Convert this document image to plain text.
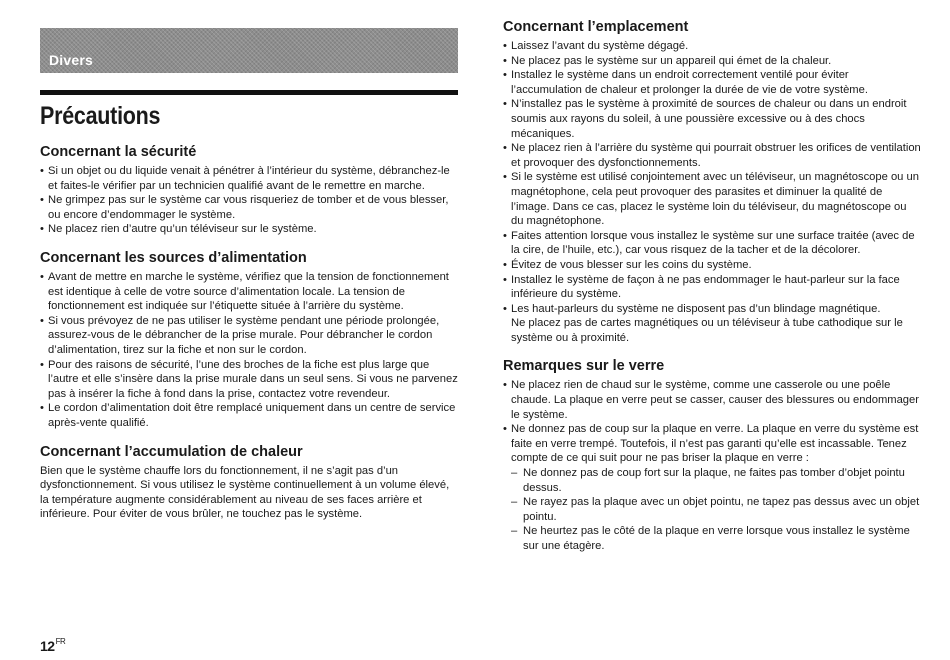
Divers
Précautions
Concernant la sécurité
• Si un objet ou du liquide venait à pénétrer à l’intérieur du système, débranchez-le et faites-le vérifier par un technicien qualifié avant de le remettre en marche.
• Ne grimpez pas sur le système car vous risqueriez de tomber et de vous blesser, ou encore d’endommager le système.
• Ne placez rien d’autre qu’un téléviseur sur le système.
Concernant les sources d’alimentation
• Avant de mettre en marche le système, vérifiez que la tension de fonctionnement est identique à celle de votre source d’alimentation locale. La tension de fonctionnement est indiquée sur l’étiquette située à l’arrière du système.
• Si vous prévoyez de ne pas utiliser le système pendant une période prolongée, assurez-vous de le débrancher de la prise murale. Pour débrancher le cordon d’alimentation, tirez sur la fiche et non sur le cordon.
• Pour des raisons de sécurité, l’une des broches de la fiche est plus large que l’autre et elle s’insère dans la prise murale dans un seul sens. Si vous ne parvenez pas à insérer la fiche à fond dans la prise, contactez votre revendeur.
• Le cordon d’alimentation doit être remplacé uniquement dans un centre de service après-vente qualifié.
Concernant l’accumulation de chaleur

Bien que le système chauffe lors du fonctionnement, il ne s’agit pas d’un dysfonctionnement. Si vous utilisez le système continuellement à un volume élevé, la température augmente considérablement au niveau de ses faces arrière et inférieure. Pour éviter de vous brûler, ne touchez pas le système.

Concernant l’emplacement
• Laissez l’avant du système dégagé.
• Ne placez pas le système sur un appareil qui émet de la chaleur.
• Installez le système dans un endroit correctement ventilé pour éviter l’accumulation de chaleur et prolonger la durée de vie de votre système.
• N’installez pas le système à proximité de sources de chaleur ou dans un endroit soumis aux rayons du soleil, à une poussière excessive ou à des chocs mécaniques.
• Ne placez rien à l’arrière du système qui pourrait obstruer les orifices de ventilation et provoquer des dysfonctionnements.
• Si le système est utilisé conjointement avec un téléviseur, un magnétoscope ou un magnétophone, cela peut provoquer des parasites et diminuer la qualité de l’image. Dans ce cas, placez le système loin du téléviseur, du magnétoscope ou du magnétophone.
• Faites attention lorsque vous installez le système sur une surface traitée (avec de la cire, de l’huile, etc.), car vous risquez de la tacher et de la décolorer.
• Évitez de vous blesser sur les coins du système.
• Installez le système de façon à ne pas endommager le haut-parleur sur la face inférieure du système.
• Les haut-parleurs du système ne disposent pas d’un blindage magnétique.

Ne placez pas de cartes magnétiques ou un téléviseur à tube cathodique sur le système ou à proximité.

Remarques sur le verre
• Ne placez rien de chaud sur le système, comme une casserole ou une poêle chaude. La plaque en verre peut se casser, causer des blessures ou endommager le système.
• Ne donnez pas de coup sur la plaque en verre. La plaque en verre du système est faite en verre trempé. Toutefois, il n’est pas garanti qu’elle est incassable. Tenez compte de ce qui suit pour ne pas briser la plaque en verre :
– Ne donnez pas de coup fort sur la plaque, ne faites pas tomber d’objet pointu dessus.
– Ne rayez pas la plaque avec un objet pointu, ne tapez pas dessus avec un objet pointu.
– Ne heurtez pas le côté de la plaque en verre lorsque vous installez le système sur une étagère.
$12^{FR}$
